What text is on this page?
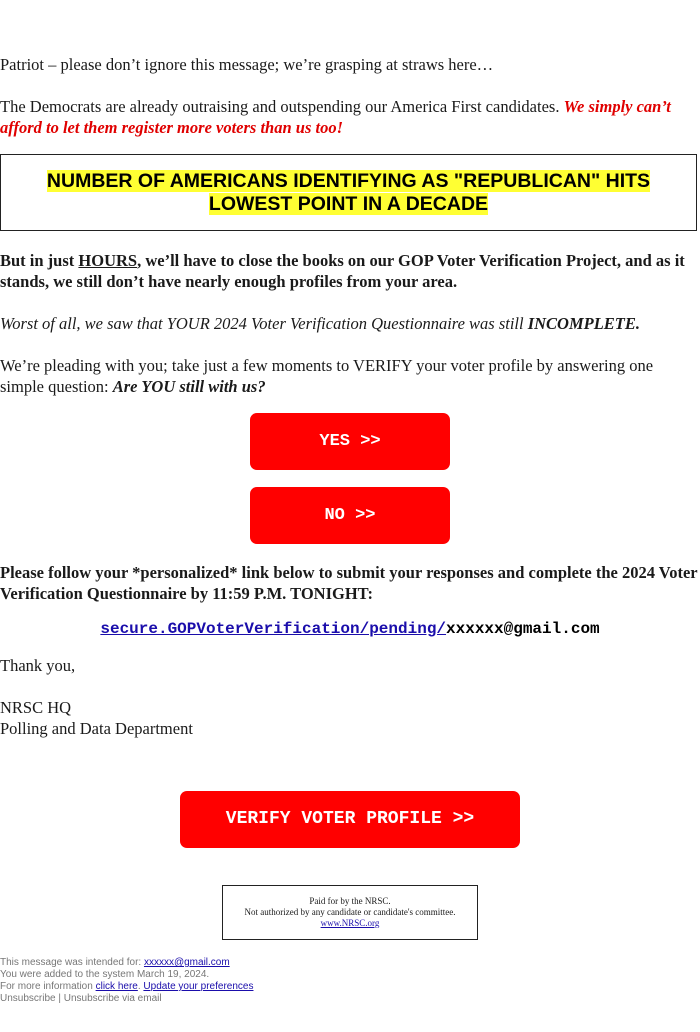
Patriot – please don’t ignore this message; we’re grasping at straws here…

The Democrats are already outraising and outspending our America First candidates. We simply can’t afford to let them register more voters than us too!

NUMBER OF AMERICANS IDENTIFYING AS "REPUBLICAN" HITS
LOWEST POINT IN A DECADE

But in just HOURS, we’ll have to close the books on our GOP Voter Verification Project, and as it stands, we still don’t have nearly enough profiles from your area.

Worst of all, we saw that YOUR 2024 Voter Verification Questionnaire was still INCOMPLETE.

We’re pleading with you; take just a few moments to VERIFY your voter profile by answering one simple question: Are YOU still with us?

YES >>
NO >>

Please follow your *personalized* link below to submit your responses and complete the 2024 Voter Verification Questionnaire by 11:59 P.M. TONIGHT:

secure.GOPVoterVerification/pending/xxxxxx@gmail.com

Thank you,

NRSC HQ

Polling and Data Department

VERIFY VOTER PROFILE >>
Paid for by the NRSC.
Not authorized by any candidate or candidate's committee.
www.NRSC.org
This message was intended for: xxxxxx@gmail.com
You were added to the system March 19, 2024.
For more information click here. Update your preferences
Unsubscribe | Unsubscribe via email
